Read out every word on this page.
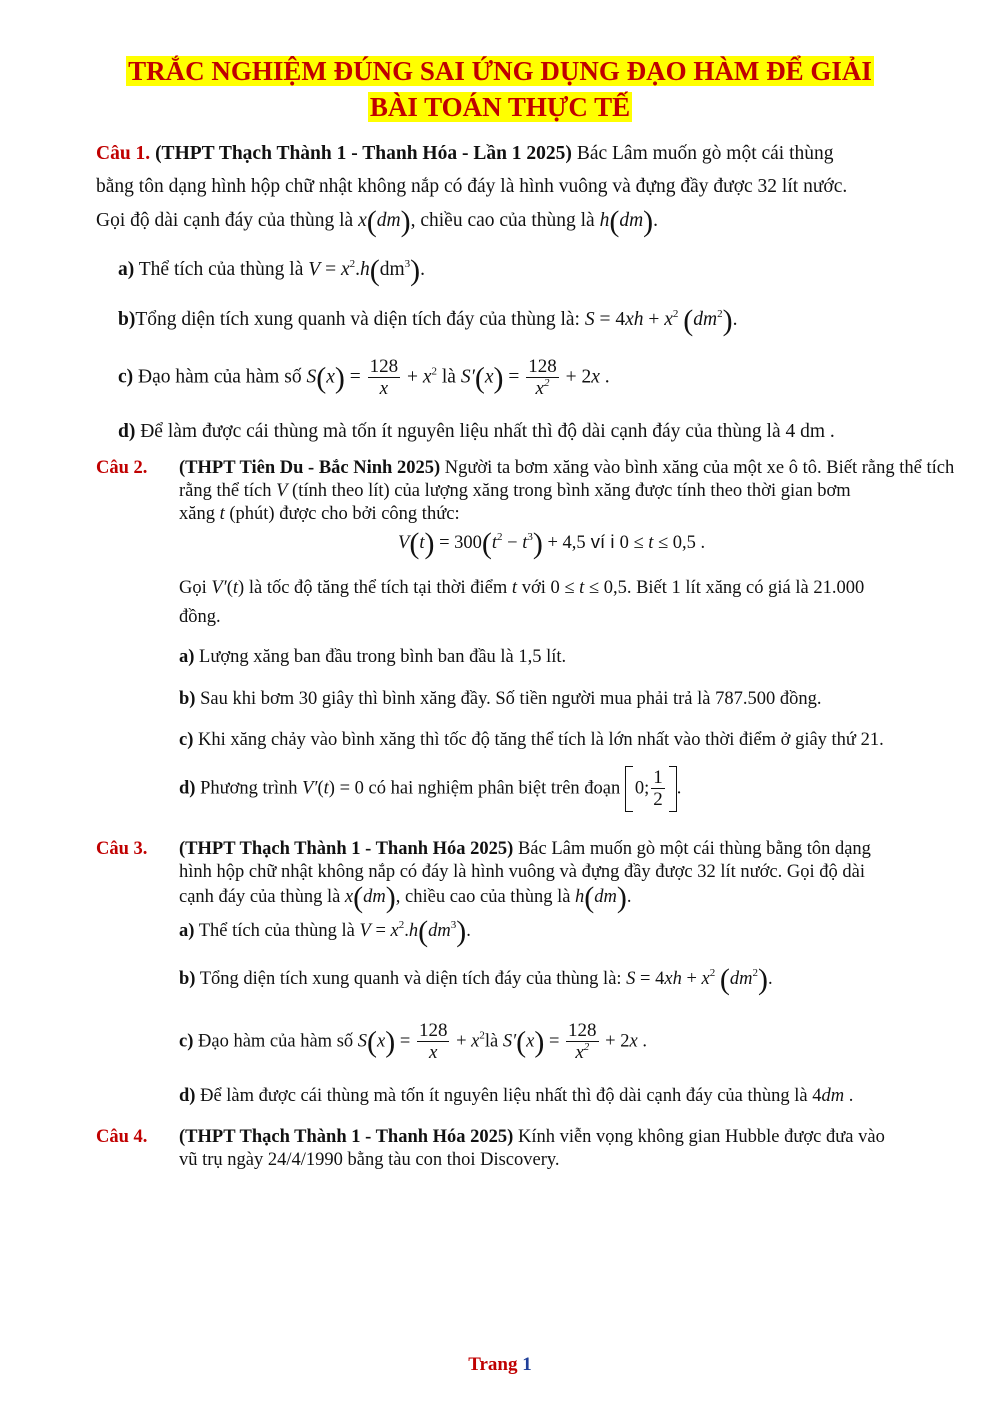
TRẮC NGHIỆM ĐÚNG SAI ỨNG DỤNG ĐẠO HÀM ĐỂ GIẢI
BÀI TOÁN THỰC TẾ
Câu 1. (THPT Thạch Thành 1 - Thanh Hóa - Lần 1 2025) Bác Lâm muốn gò một cái thùng
bằng tôn dạng hình hộp chữ nhật không nắp có đáy là hình vuông và đựng đầy được 32 lít nước.
Gọi độ dài cạnh đáy của thùng là x(dm), chiều cao của thùng là h(dm).
a) Thể tích của thùng là $V = x^2.h(dm^3)$.
b)Tổng diện tích xung quanh và diện tích đáy của thùng là: $S = 4xh + x^2$ $(dm^2)$.
c) Đạo hàm của hàm số $S(x) = \frac{128}{x} + x^2$ là $S'(x) = \frac{128}{x^2} + 2x$ .
d) Để làm được cái thùng mà tốn ít nguyên liệu nhất thì độ dài cạnh đáy của thùng là 4 dm .
Câu 2. (THPT Tiên Du - Bắc Ninh 2025) Người ta bơm xăng vào bình xăng của một xe ô tô. Biết rằng thể tích
rằng thể tích V (tính theo lít) của lượng xăng trong bình xăng được tính theo thời gian bơm
xăng t (phút) được cho bởi công thức:
$V(t) = 300(t^2 - t^3) + 4,5$ ví i 0 ≤ t ≤ 0,5 .
Gọi V′(t) là tốc độ tăng thể tích tại thời điểm t với 0 ≤ t ≤ 0,5. Biết 1 lít xăng có giá là 21.000
đồng.
a) Lượng xăng ban đầu trong bình ban đầu là 1,5 lít.
b) Sau khi bơm 30 giây thì bình xăng đầy. Số tiền người mua phải trả là 787.500 đồng.
c) Khi xăng chảy vào bình xăng thì tốc độ tăng thể tích là lớn nhất vào thời điểm ở giây thứ 21.
d) Phương trình V′(t) = 0 có hai nghiệm phân biệt trên đoạn 0; $\frac{1}{2}$ .
Câu 3. (THPT Thạch Thành 1 - Thanh Hóa 2025) Bác Lâm muốn gò một cái thùng bằng tôn dạng
hình hộp chữ nhật không nắp có đáy là hình vuông và đựng đầy được 32 lít nước. Gọi độ dài
cạnh đáy của thùng là x(dm), chiều cao của thùng là h(dm).
a) Thể tích của thùng là $V = x^2.h(dm^3)$.
b) Tổng diện tích xung quanh và diện tích đáy của thùng là: $S = 4xh + x^2$ $(dm^2)$.
c) Đạo hàm của hàm số $S(x) = \frac{128}{x}$ + $x^2là$ $S'(x) = \frac{128}{x^2} + 2x$ .
d) Để làm được cái thùng mà tốn ít nguyên liệu nhất thì độ dài cạnh đáy của thùng là 4dm .
Câu 4. (THPT Thạch Thành 1 - Thanh Hóa 2025) Kính viễn vọng không gian Hubble được đưa vào
vũ trụ ngày 24/4/1990 bằng tàu con thoi Discovery.
Trang 1
